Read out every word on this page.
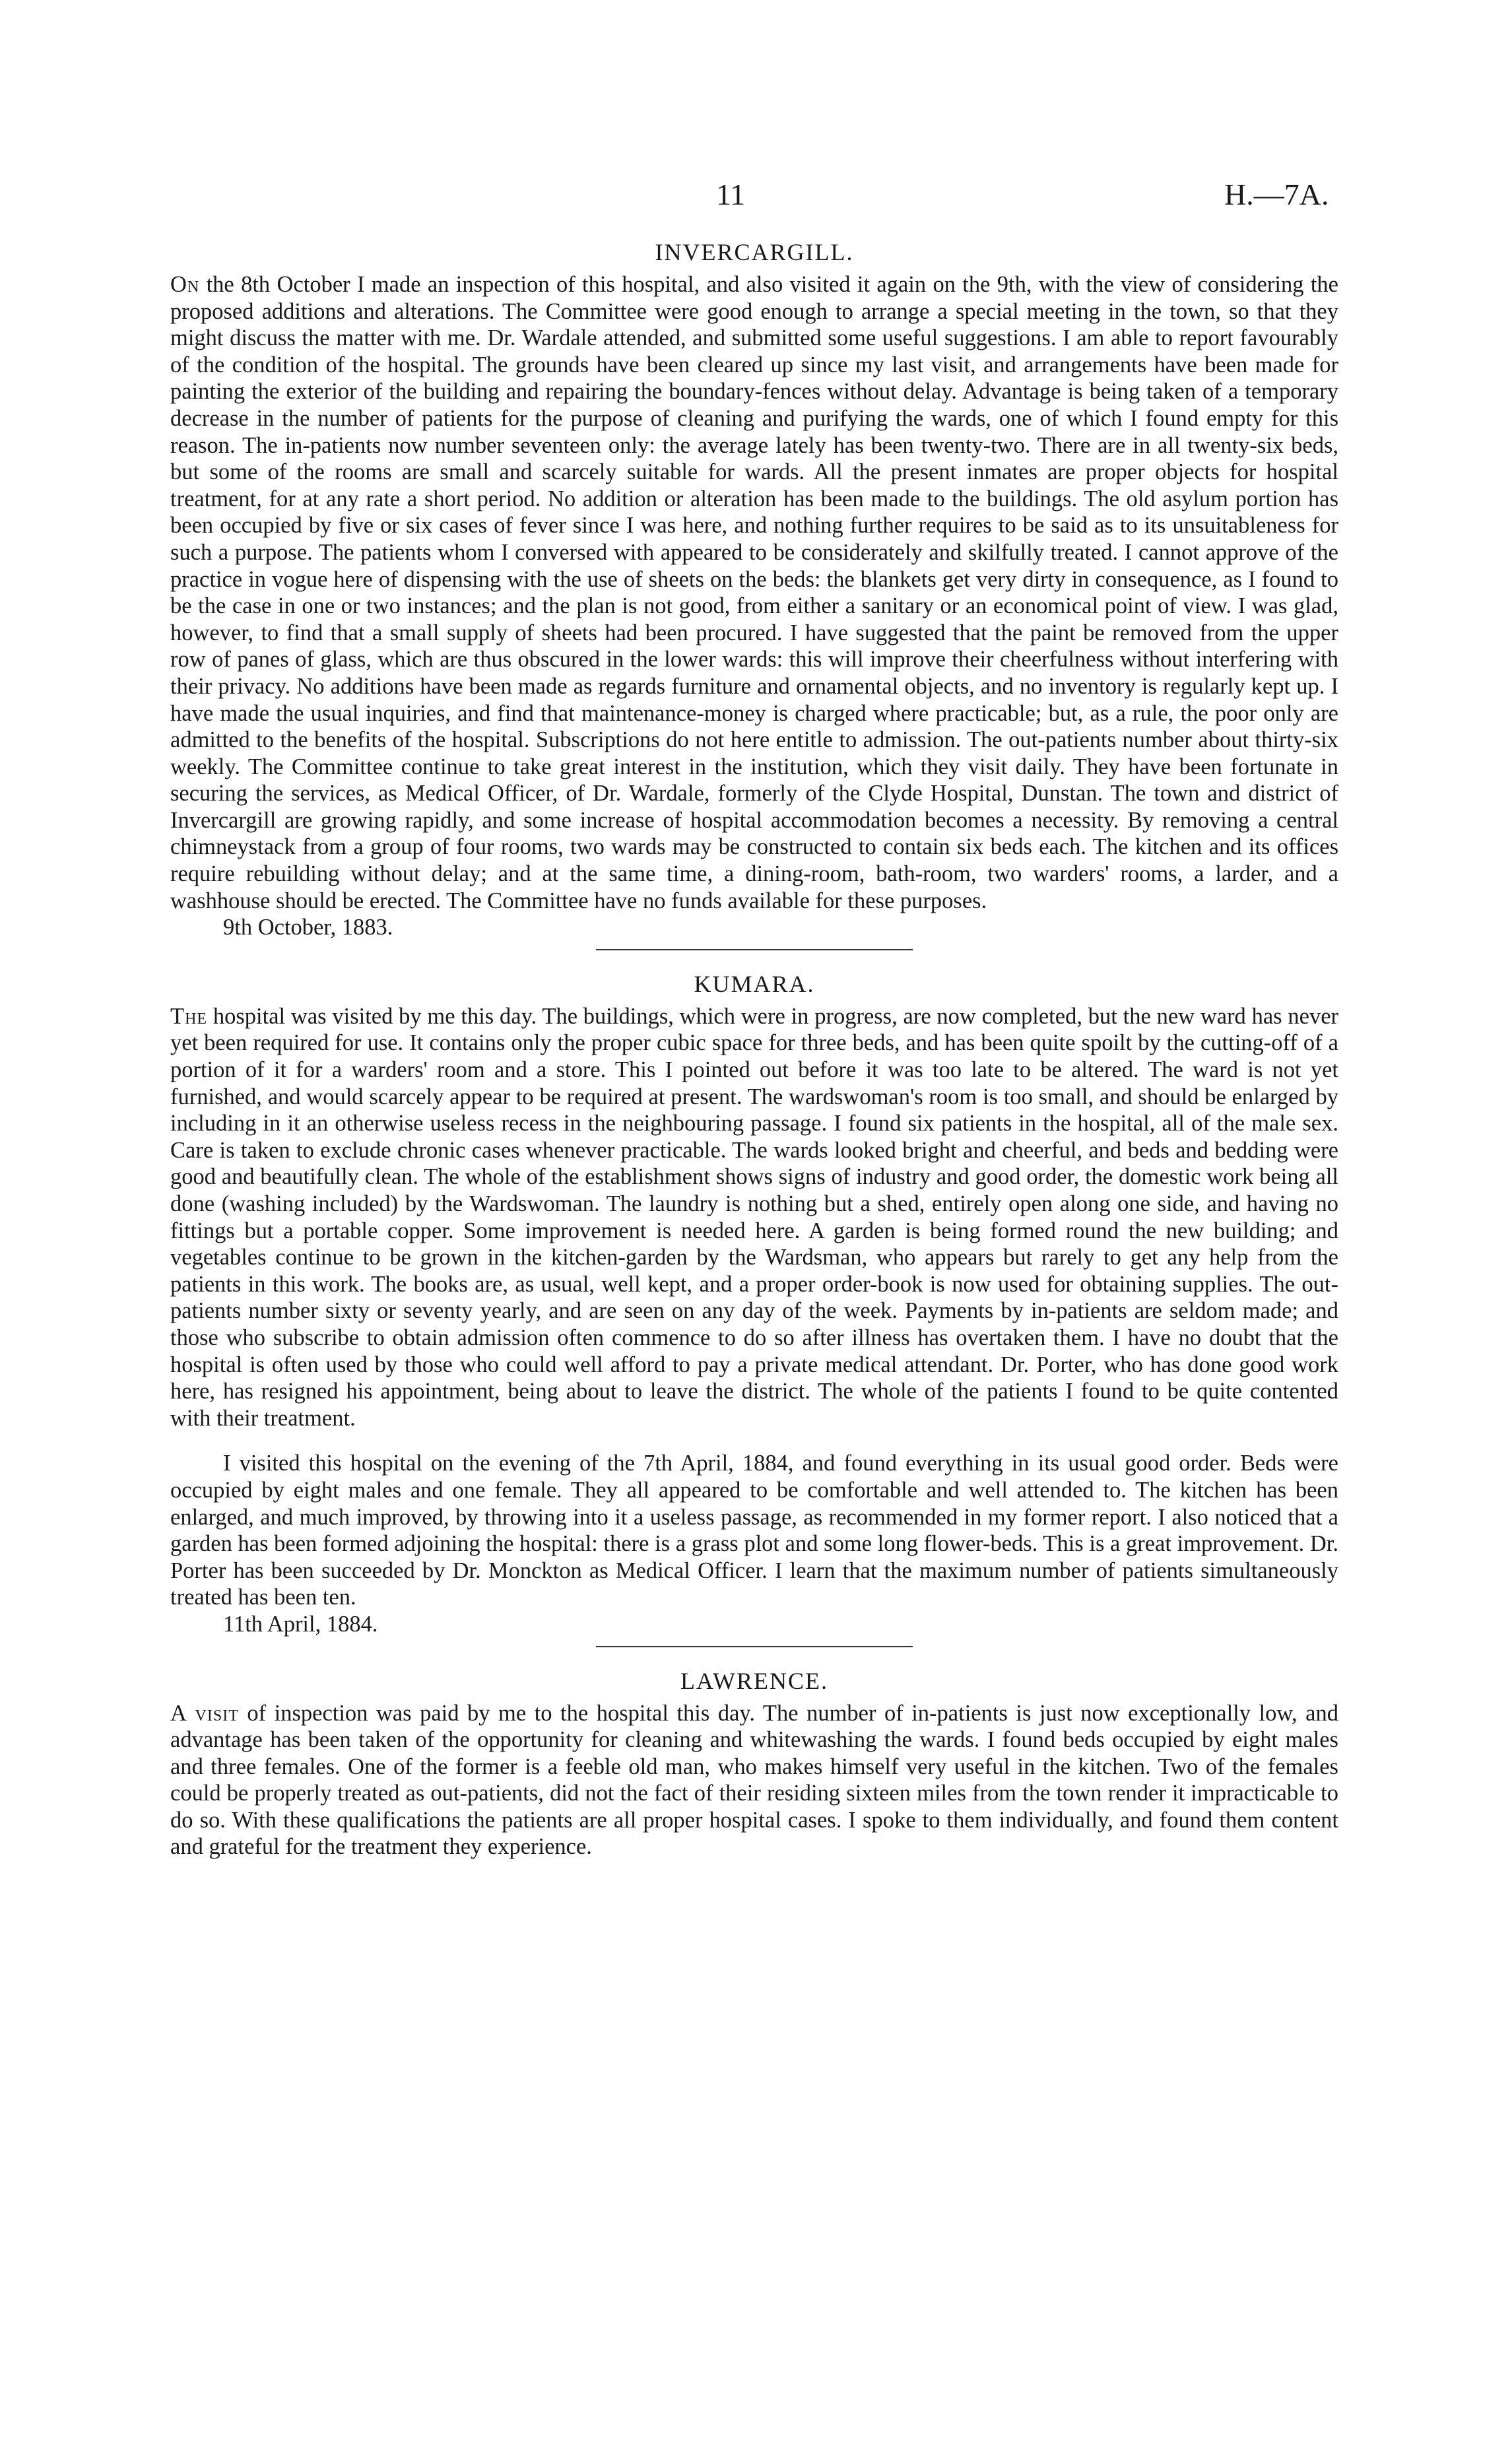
11	H.—7A.
INVERCARGILL.

On the 8th October I made an inspection of this hospital, and also visited it again on the 9th, with the view of considering the proposed additions and alterations. The Committee were good enough to arrange a special meeting in the town, so that they might discuss the matter with me. Dr. Wardale attended, and submitted some useful suggestions. I am able to report favourably of the condition of the hospital. The grounds have been cleared up since my last visit, and arrangements have been made for painting the exterior of the building and repairing the boundary-fences without delay. Advantage is being taken of a temporary decrease in the number of patients for the purpose of cleaning and purifying the wards, one of which I found empty for this reason. The in-patients now number seventeen only: the average lately has been twenty-two. There are in all twenty-six beds, but some of the rooms are small and scarcely suitable for wards. All the present inmates are proper objects for hospital treatment, for at any rate a short period. No addition or alteration has been made to the buildings. The old asylum portion has been occupied by five or six cases of fever since I was here, and nothing further requires to be said as to its unsuitableness for such a purpose. The patients whom I conversed with appeared to be considerately and skilfully treated. I cannot approve of the practice in vogue here of dispensing with the use of sheets on the beds: the blankets get very dirty in consequence, as I found to be the case in one or two instances; and the plan is not good, from either a sanitary or an economical point of view. I was glad, however, to find that a small supply of sheets had been procured. I have suggested that the paint be removed from the upper row of panes of glass, which are thus obscured in the lower wards: this will improve their cheerfulness without interfering with their privacy. No additions have been made as regards furniture and ornamental objects, and no inventory is regularly kept up. I have made the usual inquiries, and find that maintenance-money is charged where practicable; but, as a rule, the poor only are admitted to the benefits of the hospital. Subscriptions do not here entitle to admission. The out-patients number about thirty-six weekly. The Committee continue to take great interest in the institution, which they visit daily. They have been fortunate in securing the services, as Medical Officer, of Dr. Wardale, formerly of the Clyde Hospital, Dunstan. The town and district of Invercargill are growing rapidly, and some increase of hospital accommodation becomes a necessity. By removing a central chimneystack from a group of four rooms, two wards may be constructed to contain six beds each. The kitchen and its offices require rebuilding without delay; and at the same time, a dining-room, bath-room, two warders' rooms, a larder, and a washhouse should be erected. The Committee have no funds available for these purposes.

9th October, 1883.

KUMARA.

The hospital was visited by me this day. The buildings, which were in progress, are now completed, but the new ward has never yet been required for use. It contains only the proper cubic space for three beds, and has been quite spoilt by the cutting-off of a portion of it for a warders' room and a store. This I pointed out before it was too late to be altered. The ward is not yet furnished, and would scarcely appear to be required at present. The wardswoman's room is too small, and should be enlarged by including in it an otherwise useless recess in the neighbouring passage. I found six patients in the hospital, all of the male sex. Care is taken to exclude chronic cases whenever practicable. The wards looked bright and cheerful, and beds and bedding were good and beautifully clean. The whole of the establishment shows signs of industry and good order, the domestic work being all done (washing included) by the Wardswoman. The laundry is nothing but a shed, entirely open along one side, and having no fittings but a portable copper. Some improvement is needed here. A garden is being formed round the new building; and vegetables continue to be grown in the kitchen-garden by the Wardsman, who appears but rarely to get any help from the patients in this work. The books are, as usual, well kept, and a proper order-book is now used for obtaining supplies. The out-patients number sixty or seventy yearly, and are seen on any day of the week. Payments by in-patients are seldom made; and those who subscribe to obtain admission often commence to do so after illness has overtaken them. I have no doubt that the hospital is often used by those who could well afford to pay a private medical attendant. Dr. Porter, who has done good work here, has resigned his appointment, being about to leave the district. The whole of the patients I found to be quite contented with their treatment.

I visited this hospital on the evening of the 7th April, 1884, and found everything in its usual good order. Beds were occupied by eight males and one female. They all appeared to be comfortable and well attended to. The kitchen has been enlarged, and much improved, by throwing into it a useless passage, as recommended in my former report. I also noticed that a garden has been formed adjoining the hospital: there is a grass plot and some long flower-beds. This is a great improvement. Dr. Porter has been succeeded by Dr. Monckton as Medical Officer. I learn that the maximum number of patients simultaneously treated has been ten.

11th April, 1884.

LAWRENCE.

A visit of inspection was paid by me to the hospital this day. The number of in-patients is just now exceptionally low, and advantage has been taken of the opportunity for cleaning and whitewashing the wards. I found beds occupied by eight males and three females. One of the former is a feeble old man, who makes himself very useful in the kitchen. Two of the females could be properly treated as out-patients, did not the fact of their residing sixteen miles from the town render it impracticable to do so. With these qualifications the patients are all proper hospital cases. I spoke to them individually, and found them content and grateful for the treatment they experience.
